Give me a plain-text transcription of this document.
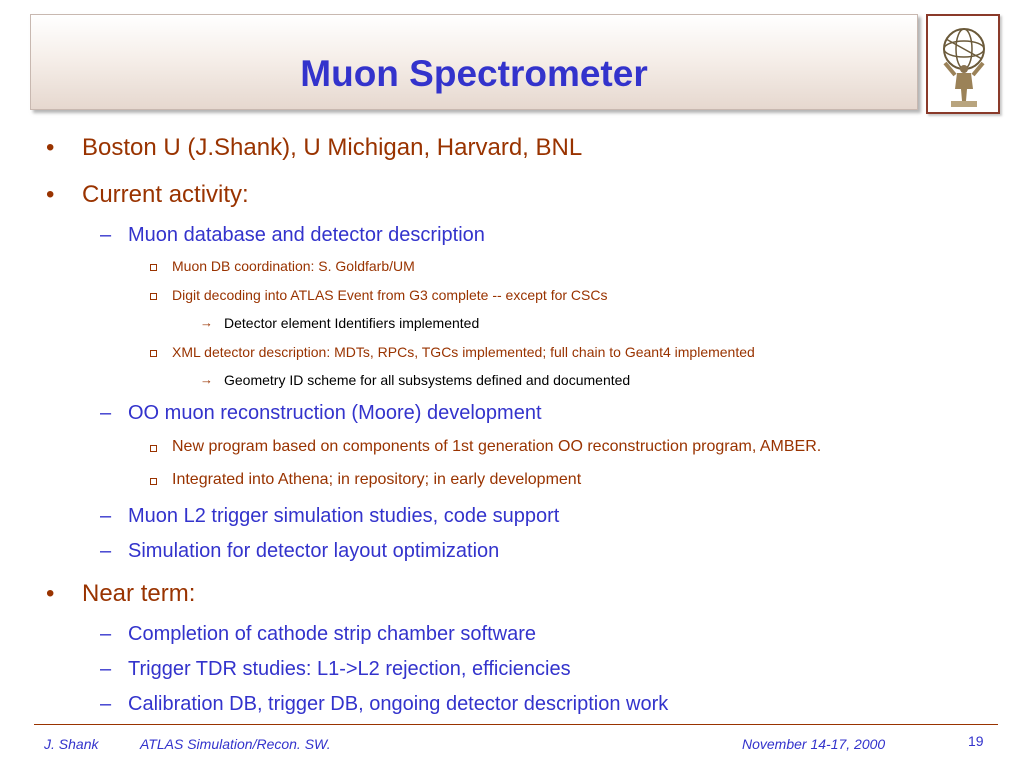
Muon Spectrometer
• Boston U (J.Shank), U Michigan, Harvard, BNL
• Current activity:
– Muon database and detector description
Muon DB coordination: S. Goldfarb/UM
Digit decoding into ATLAS Event from G3 complete -- except for CSCs
→ Detector element Identifiers implemented
XML detector description: MDTs, RPCs, TGCs implemented; full chain to Geant4 implemented
→ Geometry ID scheme for all subsystems defined and documented
– OO muon reconstruction (Moore) development
New program based on components of 1st generation OO reconstruction program, AMBER.
Integrated into Athena; in repository; in early development
– Muon L2 trigger simulation studies, code support
– Simulation for detector layout optimization
• Near term:
– Completion of cathode strip chamber software
– Trigger TDR studies: L1->L2 rejection, efficiencies
– Calibration DB, trigger DB, ongoing detector description work
J. Shank	ATLAS Simulation/Recon. SW.	November 14-17, 2000	19
